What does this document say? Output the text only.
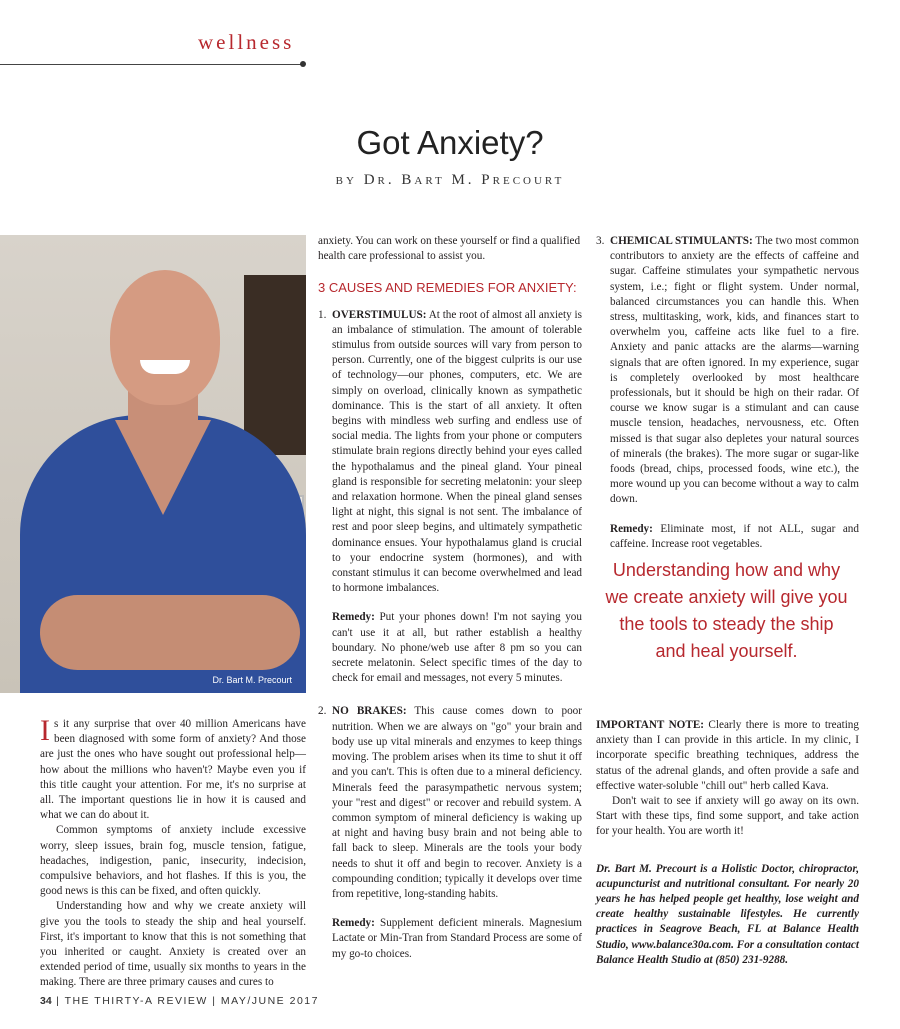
wellness
Got Anxiety?
by Dr. Bart M. Precourt
Dr. Bart M. Precourt

Is it any surprise that over 40 million Americans have been diagnosed with some form of anxiety? And those are just the ones who have sought out professional help—how about the millions who haven't? Maybe even you if this title caught your attention. For me, it's no surprise at all. The important questions lie in how it is caused and what we can do about it.

Common symptoms of anxiety include excessive worry, sleep issues, brain fog, muscle tension, fatigue, headaches, indigestion, panic, insecurity, indecision, compulsive behaviors, and hot flashes. If this is you, the good news is this can be fixed, and often quickly.

Understanding how and why we create anxiety will give you the tools to steady the ship and heal yourself. First, it's important to know that this is not something that you inherited or caught. Anxiety is created over an extended period of time, usually six months to years in the making. There are three primary causes and cures to

anxiety. You can work on these yourself or find a qualified health care professional to assist you.

3 CAUSES AND REMEDIES FOR ANXIETY:

1. OVERSTIMULUS: At the root of almost all anxiety is an imbalance of stimulation. The amount of tolerable stimulus from outside sources will vary from person to person. Currently, one of the biggest culprits is our use of technology—our phones, computers, etc. We are simply on overload, clinically known as sympathetic dominance. This is the start of all anxiety. It often begins with mindless web surfing and endless use of social media. The lights from your phone or computers stimulate brain regions directly behind your eyes called the hypothalamus and the pineal gland. Your pineal gland is responsible for secreting melatonin: your sleep and relaxation hormone. When the pineal gland senses light at night, this signal is not sent. The imbalance of rest and poor sleep begins, and ultimately sympathetic dominance ensues. Your hypothalamus gland is crucial to your endocrine system (hormones), and with constant stimulus it can become overwhelmed and lead to hormone imbalances.

Remedy: Put your phones down! I'm not saying you can't use it at all, but rather establish a healthy boundary. No phone/web use after 8 pm so you can secrete melatonin. Select specific times of the day to check for email and messages, not every 5 minutes.

2. NO BRAKES: This cause comes down to poor nutrition. When we are always on "go" your brain and body use up vital minerals and enzymes to keep things moving. The problem arises when its time to shut it off and you can't. This is often due to a mineral deficiency. Minerals feed the parasympathetic nervous system; your "rest and digest" or recover and rebuild system. A common symptom of mineral deficiency is waking up at night and having busy brain and not being able to fall back to sleep. Minerals are the tools your body needs to shut it off and begin to recover. Anxiety is a compounding condition; typically it develops over time from repetitive, long-standing habits.

Remedy: Supplement deficient minerals. Magnesium Lactate or Min-Tran from Standard Process are some of my go-to choices.

3. CHEMICAL STIMULANTS: The two most common contributors to anxiety are the effects of caffeine and sugar. Caffeine stimulates your sympathetic nervous system, i.e.; fight or flight system. Under normal, balanced circumstances you can handle this. When stress, multitasking, work, kids, and finances start to overwhelm you, caffeine acts like fuel to a fire. Anxiety and panic attacks are the alarms—warning signals that are often ignored. In my experience, sugar is completely overlooked by most healthcare professionals, but it should be high on their radar. Of course we know sugar is a stimulant and can cause muscle tension, headaches, nervousness, etc. Often missed is that sugar also depletes your natural sources of minerals (the brakes). The more sugar or sugar-like foods (bread, chips, processed foods, wine etc.), the more wound up you can become without a way to calm down.

Remedy: Eliminate most, if not ALL, sugar and caffeine. Increase root vegetables.

Understanding how and why we create anxiety will give you the tools to steady the ship and heal yourself.

IMPORTANT NOTE: Clearly there is more to treating anxiety than I can provide in this article. In my clinic, I incorporate specific breathing techniques, address the status of the adrenal glands, and often provide a safe and effective water-soluble "chill out" herb called Kava.

Don't wait to see if anxiety will go away on its own. Start with these tips, find some support, and take action for your health. You are worth it!

Dr. Bart M. Precourt is a Holistic Doctor, chiropractor, acupuncturist and nutritional consultant. For nearly 20 years he has helped people get healthy, lose weight and create healthy sustainable lifestyles. He currently practices in Seagrove Beach, FL at Balance Health Studio, www.balance30a.com. For a consultation contact Balance Health Studio at (850) 231-9288.

34 | THE THIRTY-A REVIEW | MAY/JUNE 2017
